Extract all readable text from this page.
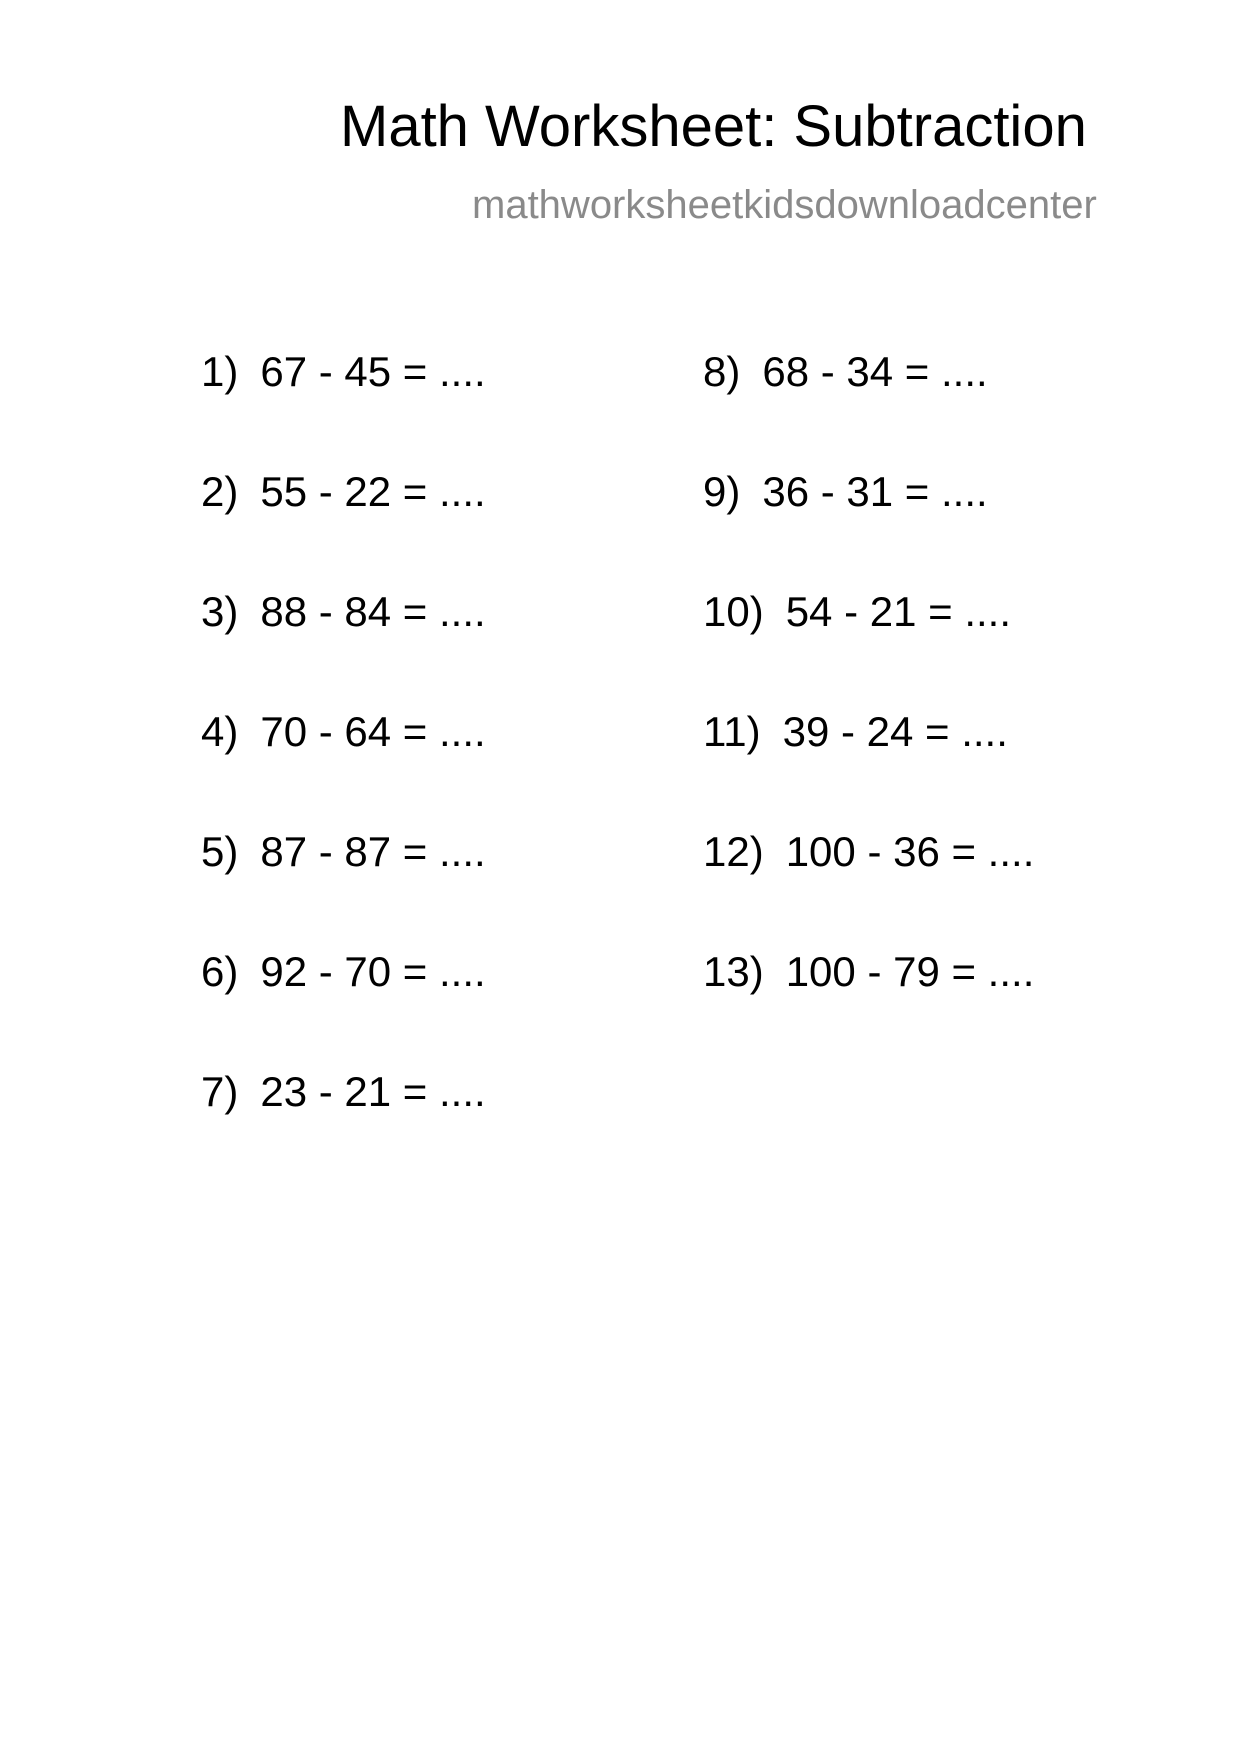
Math Worksheet: Subtraction
mathworksheetkidsdownloadcenter
1) 67 - 45 = ....
2) 55 - 22 = ....
3) 88 - 84 = ....
4) 70 - 64 = ....
5) 87 - 87 = ....
6) 92 - 70 = ....
7) 23 - 21 = ....
8) 68 - 34 = ....
9) 36 - 31 = ....
10) 54 - 21 = ....
11) 39 - 24 = ....
12) 100 - 36 = ....
13) 100 - 79 = ....
